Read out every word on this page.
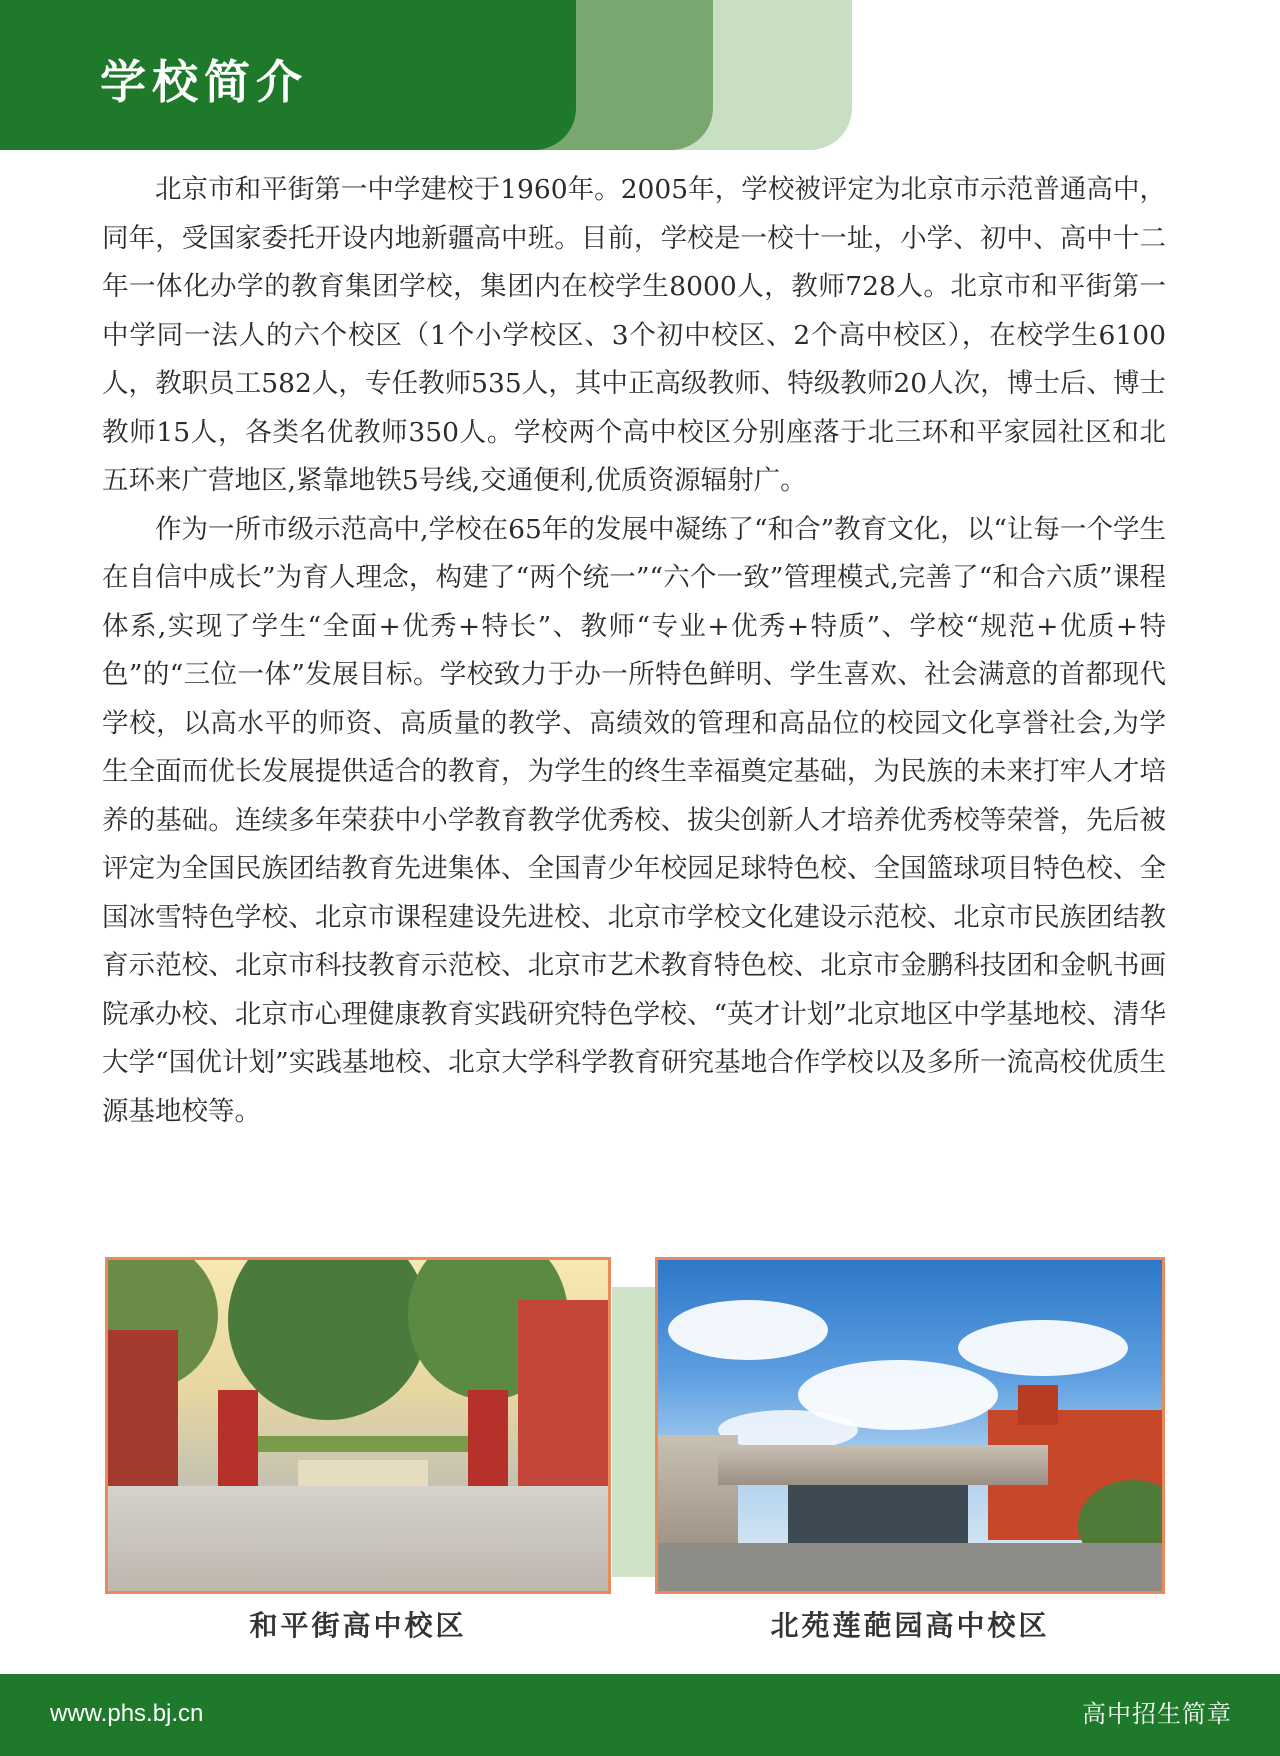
学校简介

北京市和平街第一中学建校于1960年。2005年，学校被评定为北京市示范普通高中，同年，受国家委托开设内地新疆高中班。目前，学校是一校十一址，小学、初中、高中十二年一体化办学的教育集团学校，集团内在校学生8000人，教师728人。北京市和平街第一中学同一法人的六个校区（1个小学校区、3个初中校区、2个高中校区），在校学生6100人，教职员工582人，专任教师535人，其中正高级教师、特级教师20人次，博士后、博士教师15人，各类名优教师350人。学校两个高中校区分别座落于北三环和平家园社区和北五环来广营地区,紧靠地铁5号线,交通便利,优质资源辐射广。

作为一所市级示范高中,学校在65年的发展中凝练了“和合”教育文化，以“让每一个学生在自信中成长”为育人理念，构建了“两个统一”“六个一致”管理模式,完善了“和合六质”课程体系,实现了学生“全面+优秀+特长”、教师“专业+优秀+特质”、学校“规范+优质+特色”的“三位一体”发展目标。学校致力于办一所特色鲜明、学生喜欢、社会满意的首都现代学校，以高水平的师资、高质量的教学、高绩效的管理和高品位的校园文化享誉社会,为学生全面而优长发展提供适合的教育，为学生的终生幸福奠定基础，为民族的未来打牢人才培养的基础。连续多年荣获中小学教育教学优秀校、拔尖创新人才培养优秀校等荣誉，先后被评定为全国民族团结教育先进集体、全国青少年校园足球特色校、全国篮球项目特色校、全国冰雪特色学校、北京市课程建设先进校、北京市学校文化建设示范校、北京市民族团结教育示范校、北京市科技教育示范校、北京市艺术教育特色校、北京市金鹏科技团和金帆书画院承办校、北京市心理健康教育实践研究特色学校、“英才计划”北京地区中学基地校、清华大学“国优计划”实践基地校、北京大学科学教育研究基地合作学校以及多所一流高校优质生源基地校等。

和平街高中校区	北苑莲葩园高中校区

www.phs.bj.cn	高中招生简章
